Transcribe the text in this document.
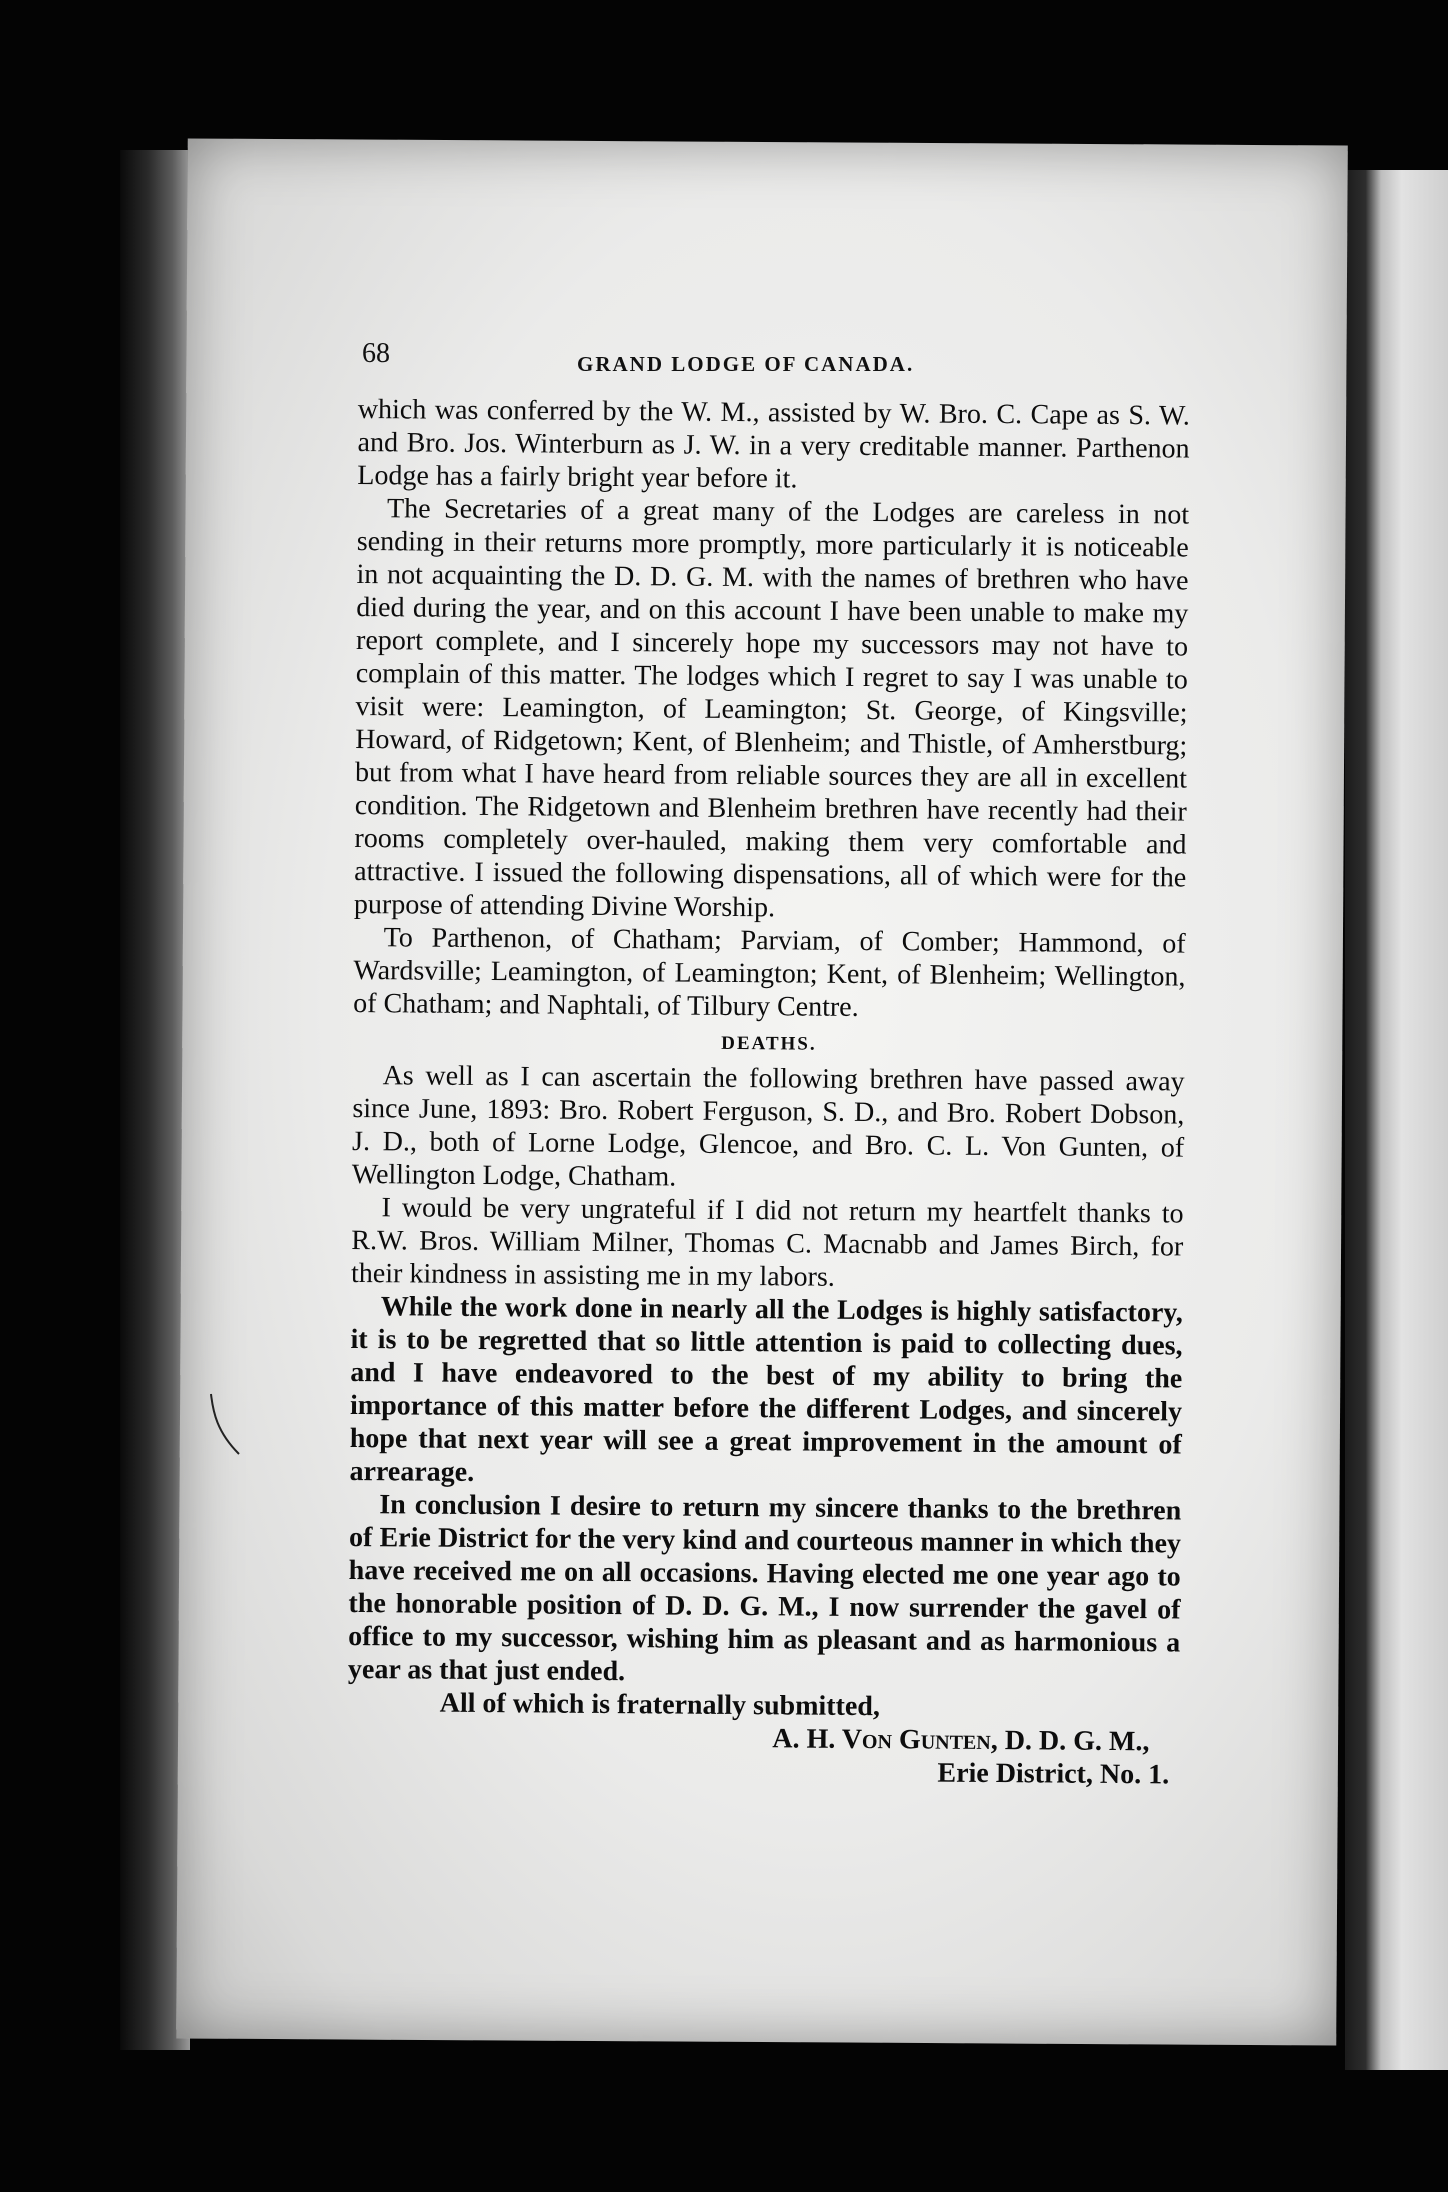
68	GRAND LODGE OF CANADA.

which was conferred by the W. M., assisted by W. Bro. C. Cape as S. W. and Bro. Jos. Winterburn as J. W. in a very creditable manner. Parthenon Lodge has a fairly bright year before it.

The Secretaries of a great many of the Lodges are careless in not sending in their returns more promptly, more particularly it is noticeable in not acquainting the D. D. G. M. with the names of brethren who have died during the year, and on this account I have been unable to make my report complete, and I sincerely hope my successors may not have to complain of this matter. The lodges which I regret to say I was unable to visit were: Leamington, of Leamington; St. George, of Kingsville; Howard, of Ridgetown; Kent, of Blenheim; and Thistle, of Amherstburg; but from what I have heard from reliable sources they are all in excellent condition. The Ridgetown and Blenheim brethren have recently had their rooms completely over-hauled, making them very comfortable and attractive. I issued the following dispensations, all of which were for the purpose of attending Divine Worship.

To Parthenon, of Chatham; Parviam, of Comber; Hammond, of Wardsville; Leamington, of Leamington; Kent, of Blenheim; Wellington, of Chatham; and Naphtali, of Tilbury Centre.

DEATHS.

As well as I can ascertain the following brethren have passed away since June, 1893: Bro. Robert Ferguson, S. D., and Bro. Robert Dobson, J. D., both of Lorne Lodge, Glencoe, and Bro. C. L. Von Gunten, of Wellington Lodge, Chatham.

I would be very ungrateful if I did not return my heartfelt thanks to R.W. Bros. William Milner, Thomas C. Macnabb and James Birch, for their kindness in assisting me in my labors.

While the work done in nearly all the Lodges is highly satisfactory, it is to be regretted that so little attention is paid to collecting dues, and I have endeavored to the best of my ability to bring the importance of this matter before the different Lodges, and sincerely hope that next year will see a great improvement in the amount of arrearage.

In conclusion I desire to return my sincere thanks to the brethren of Erie District for the very kind and courteous manner in which they have received me on all occasions. Having elected me one year ago to the honorable position of D. D. G. M., I now surrender the gavel of office to my successor, wishing him as pleasant and as harmonious a year as that just ended.

All of which is fraternally submitted,
A. H. Von Gunten, D. D. G. M.,
Erie District, No. 1.
